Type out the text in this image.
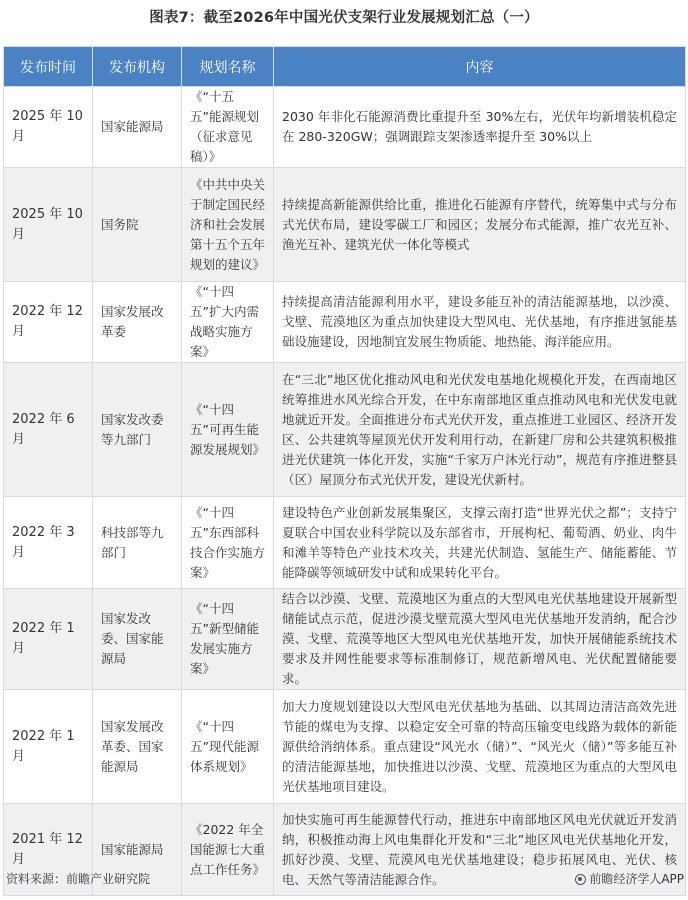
图表7：截至2026年中国光伏支架行业发展规划汇总（一）
发布时间	发布机构	规划名称	内容
2025 年 10 月	国家能源局	《“十五五”能源规划（征求意见稿）》	2030 年非化石能源消费比重提升至 30%左右，光伏年均新增装机稳定在 280-320GW；强调跟踪支架渗透率提升至 30%以上
2025 年 10 月	国务院	《中共中央关于制定国民经济和社会发展第十五个五年规划的建议》	持续提高新能源供给比重，推进化石能源有序替代，统筹集中式与分布式光伏布局，建设零碳工厂和园区；发展分布式能源，推广农光互补、渔光互补、建筑光伏一体化等模式
2022 年 12 月	国家发展改革委	《“十四五”扩大内需战略实施方案》	持续提高清洁能源利用水平，建设多能互补的清洁能源基地，以沙漠、戈壁、荒漠地区为重点加快建设大型风电、光伏基地，有序推进氢能基础设施建设，因地制宜发展生物质能、地热能、海洋能应用。
2022 年 6 月	国家发改委等九部门	《“十四五”可再生能源发展规划》	在“三北”地区优化推动风电和光伏发电基地化规模化开发，在西南地区统筹推进水风光综合开发，在中东南部地区重点推动风电和光伏发电就地就近开发。全面推进分布式光伏开发，重点推进工业园区、经济开发区、公共建筑等屋顶光伏开发利用行动，在新建厂房和公共建筑积极推进光伏建筑一体化开发，实施“千家万户沐光行动”，规范有序推进整县（区）屋顶分布式光伏开发，建设光伏新村。
2022 年 3 月	科技部等九部门	《“十四五”东西部科技合作实施方案》	建设特色产业创新发展集聚区，支撑云南打造“世界光伏之都”；支持宁夏联合中国农业科学院以及东部省市，开展枸杞、葡萄酒、奶业、肉牛和滩羊等特色产业技术攻关，共建光伏制造、氢能生产、储能蓄能、节能降碳等领域研发中试和成果转化平台。
2022 年 1 月	国家发改委、国家能源局	《“十四五”新型储能发展实施方案》	结合以沙漠、戈壁、荒漠地区为重点的大型风电光伏基地建设开展新型储能试点示范，促进沙漠戈壁荒漠大型风电光伏基地开发消纳，配合沙漠、戈壁、荒漠等地区大型风电光伏基地开发，加快开展储能系统技术要求及并网性能要求等标准制修订，规范新增风电、光伏配置储能要求。
2022 年 1 月	国家发展改革委、国家能源局	《“十四五”现代能源体系规划》	加大力度规划建设以大型风电光伏基地为基础、以其周边清洁高效先进节能的煤电为支撑、以稳定安全可靠的特高压输变电线路为载体的新能源供给消纳体系。重点建设“风光水（储）”、“风光火（储）”等多能互补的清洁能源基地，加快推进以沙漠、戈壁、荒漠地区为重点的大型风电光伏基地项目建设。
2021 年 12 月	国家能源局	《2022 年全国能源七大重点工作任务》	加快实施可再生能源替代行动，推进东中南部地区风电光伏就近开发消纳，积极推动海上风电集群化开发和“三北”地区风电光伏基地化开发，抓好沙漠、戈壁、荒漠风电光伏基地建设；稳步拓展风电、光伏、核电、天然气等清洁能源合作。
资料来源：前瞻产业研究院	前瞻经济学人APP
